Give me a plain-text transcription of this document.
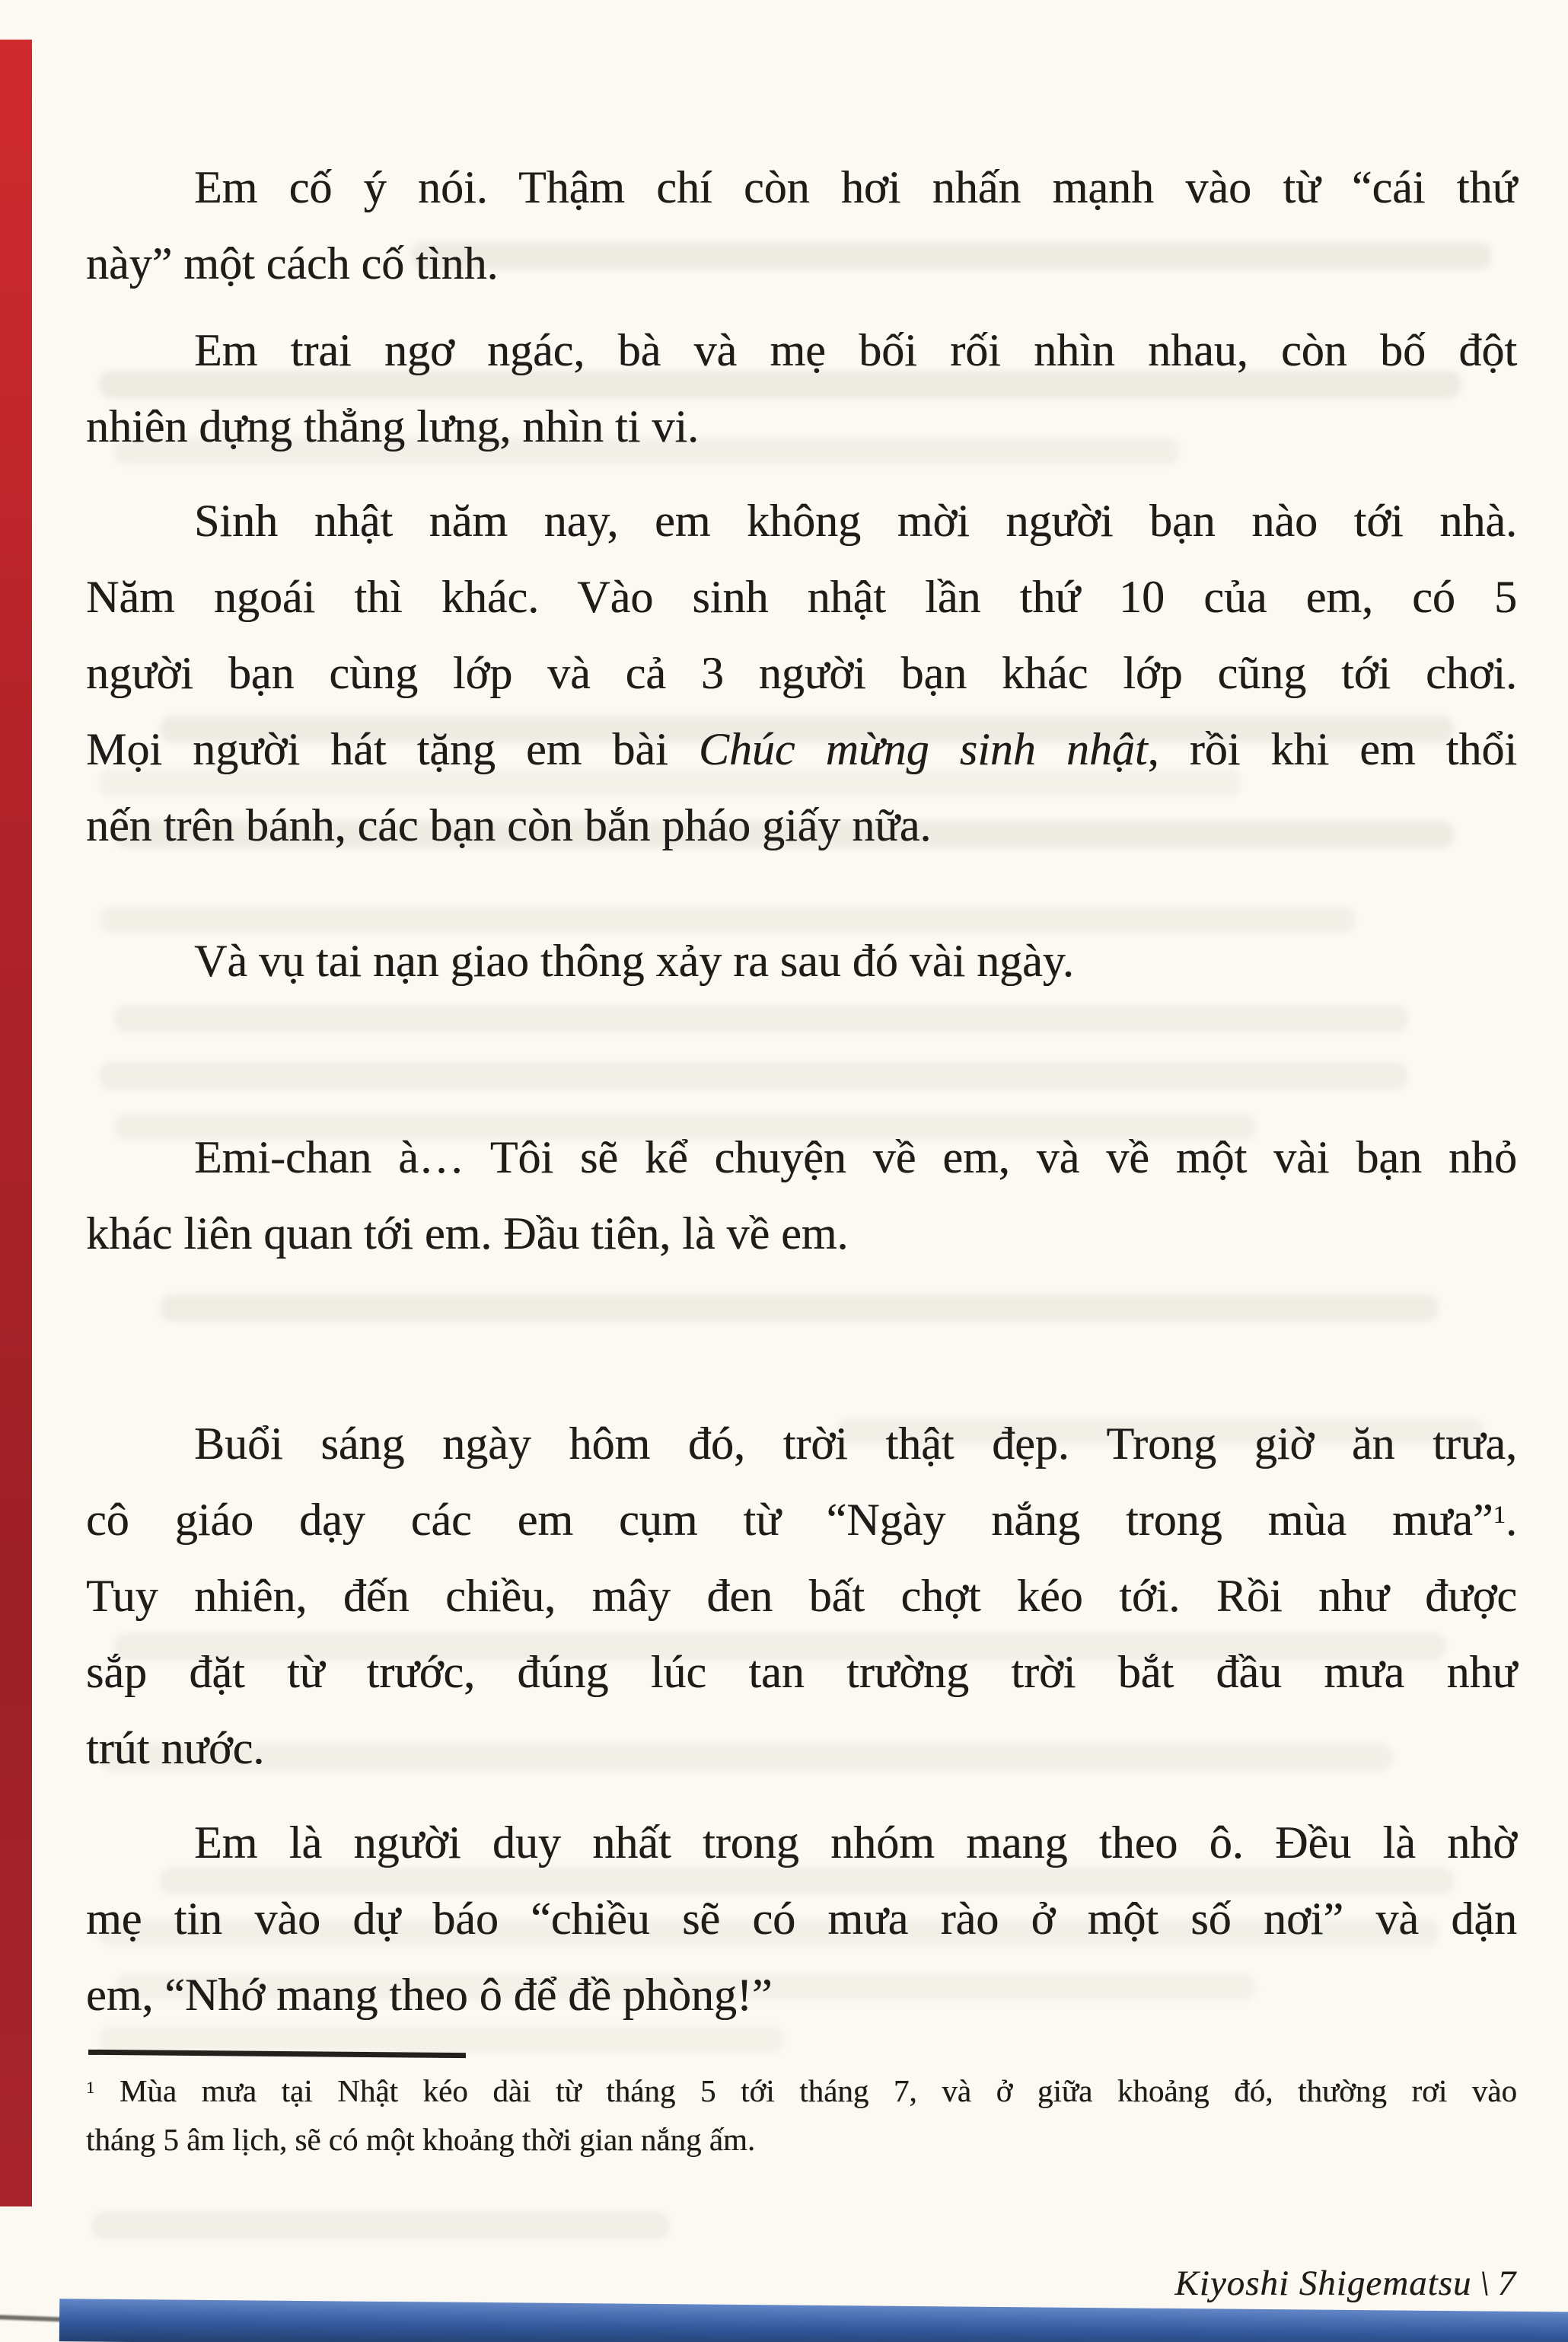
Em cố ý nói. Thậm chí còn hơi nhấn mạnh vào từ “cái thứ
này” một cách cố tình.
Em trai ngơ ngác, bà và mẹ bối rối nhìn nhau, còn bố đột
nhiên dựng thẳng lưng, nhìn ti vi.
Sinh nhật năm nay, em không mời người bạn nào tới nhà.
Năm ngoái thì khác. Vào sinh nhật lần thứ 10 của em, có 5
người bạn cùng lớp và cả 3 người bạn khác lớp cũng tới chơi.
Mọi người hát tặng em bài Chúc mừng sinh nhật, rồi khi em thổi
nến trên bánh, các bạn còn bắn pháo giấy nữa.
Và vụ tai nạn giao thông xảy ra sau đó vài ngày.
Emi-chan à… Tôi sẽ kể chuyện về em, và về một vài bạn nhỏ
khác liên quan tới em. Đầu tiên, là về em.
Buổi sáng ngày hôm đó, trời thật đẹp. Trong giờ ăn trưa,
cô giáo dạy các em cụm từ “Ngày nắng trong mùa mưa”$^1$.
Tuy nhiên, đến chiều, mây đen bất chợt kéo tới. Rồi như được
sắp đặt từ trước, đúng lúc tan trường trời bắt đầu mưa như
trút nước.
Em là người duy nhất trong nhóm mang theo ô. Đều là nhờ
mẹ tin vào dự báo “chiều sẽ có mưa rào ở một số nơi” và dặn
em, “Nhớ mang theo ô để đề phòng!”
$^1$ Mùa mưa tại Nhật kéo dài từ tháng 5 tới tháng 7, và ở giữa khoảng đó, thường rơi vào
tháng 5 âm lịch, sẽ có một khoảng thời gian nắng ấm.
Kiyoshi Shigematsu \ 7
